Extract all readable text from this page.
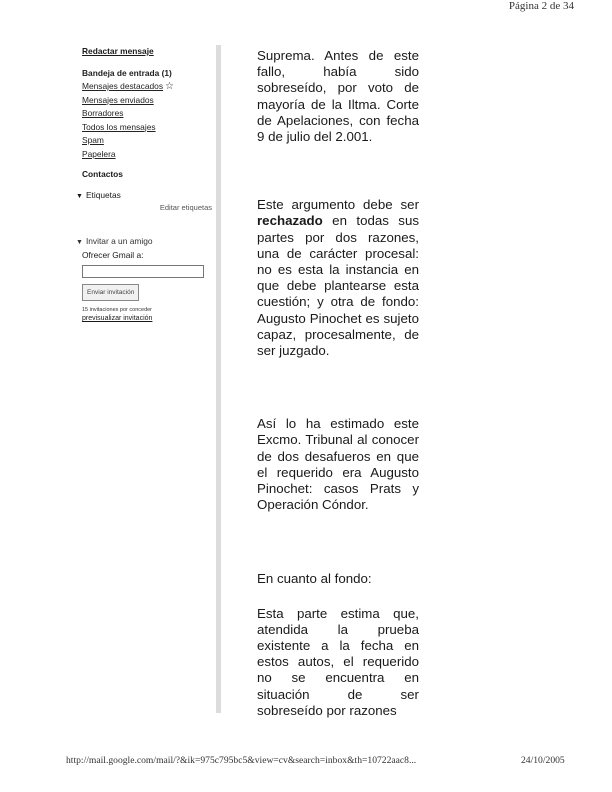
Página 2 de 34
Redactar mensaje
Bandeja de entrada (1)
Mensajes destacados ☆
Mensajes enviados
Borradores
Todos los mensajes
Spam
Papelera
Contactos
▼ Etiquetas
Editar etiquetas
▼ Invitar a un amigo
Ofrecer Gmail a:
Enviar invitación
15 invitaciones por conceder
previsualizar invitación

Suprema. Antes de este fallo, había sido sobreseído, por voto de mayoría de la Iltma. Corte de Apelaciones, con fecha 9 de julio del 2.001.

Este argumento debe ser rechazado en todas sus partes por dos razones, una de carácter procesal: no es esta la instancia en que debe plantearse esta cuestión; y otra de fondo: Augusto Pinochet es sujeto capaz, procesalmente, de ser juzgado.

Así lo ha estimado este Excmo. Tribunal al conocer de dos desafueros en que el requerido era Augusto Pinochet: casos Prats y Operación Cóndor.

En cuanto al fondo:

Esta parte estima que, atendida la prueba existente a la fecha en estos autos, el requerido no se encuentra en situación de ser sobreseído por razones

http://mail.google.com/mail/?&ik=975c795bc5&view=cv&search=inbox&th=10722aac8...	24/10/2005
